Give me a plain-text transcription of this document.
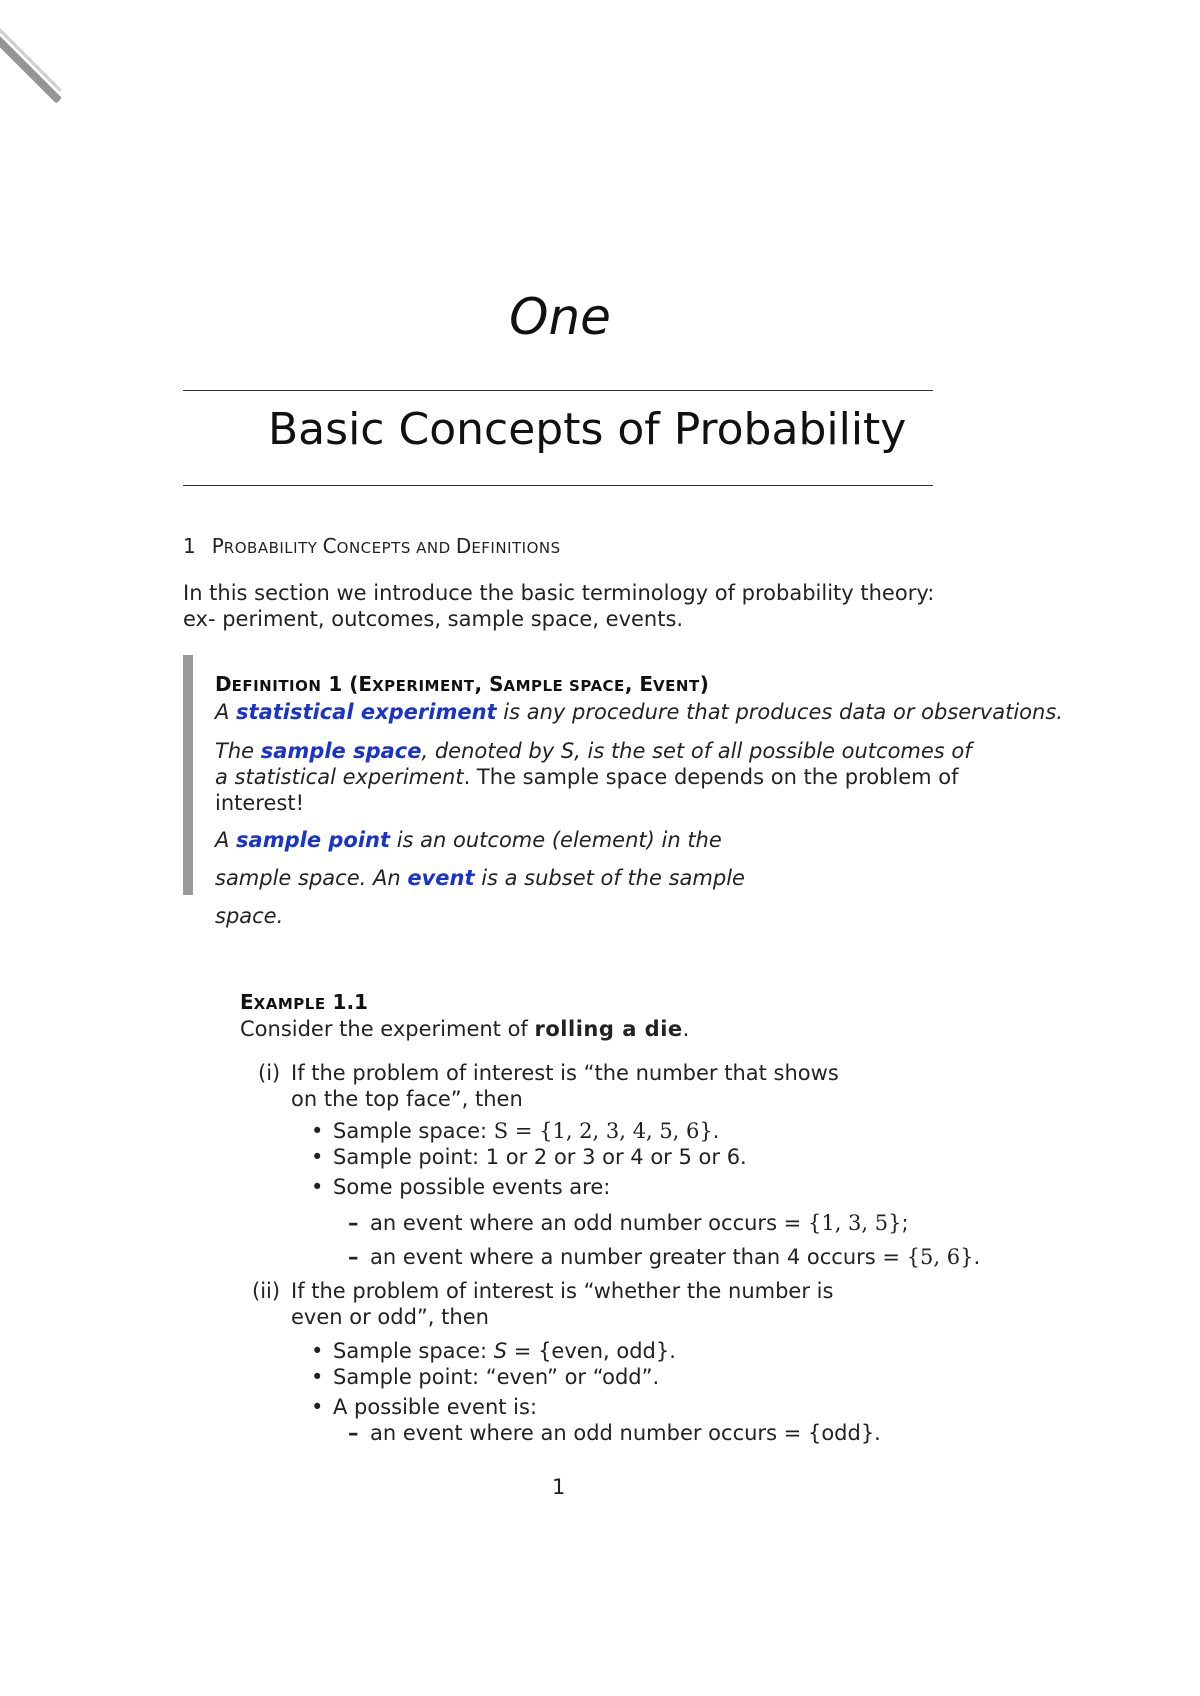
One
Basic Concepts of Probability
1 PROBABILITY CONCEPTS AND DEFINITIONS
In this section we introduce the basic terminology of probability theory:
ex- periment, outcomes, sample space, events.
DEFINITION 1 (EXPERIMENT, SAMPLE SPACE, EVENT)
A statistical experiment is any procedure that produces data or observations.
The sample space, denoted by S, is the set of all possible outcomes of
a statistical experiment. The sample space depends on the problem of
interest!
A sample point is an outcome (element) in the
sample space. An event is a subset of the sample
space.
EXAMPLE 1.1
Consider the experiment of rolling a die.
(i) If the problem of interest is “the number that shows
on the top face”, then
• Sample space: S = {1, 2, 3, 4, 5, 6}.
• Sample point: 1 or 2 or 3 or 4 or 5 or 6.
• Some possible events are:
– an event where an odd number occurs = {1, 3, 5};
– an event where a number greater than 4 occurs = {5, 6}.
(ii) If the problem of interest is “whether the number is
even or odd”, then
• Sample space: S = {even, odd}.
• Sample point: “even” or “odd”.
• A possible event is:
– an event where an odd number occurs = {odd}.
1
